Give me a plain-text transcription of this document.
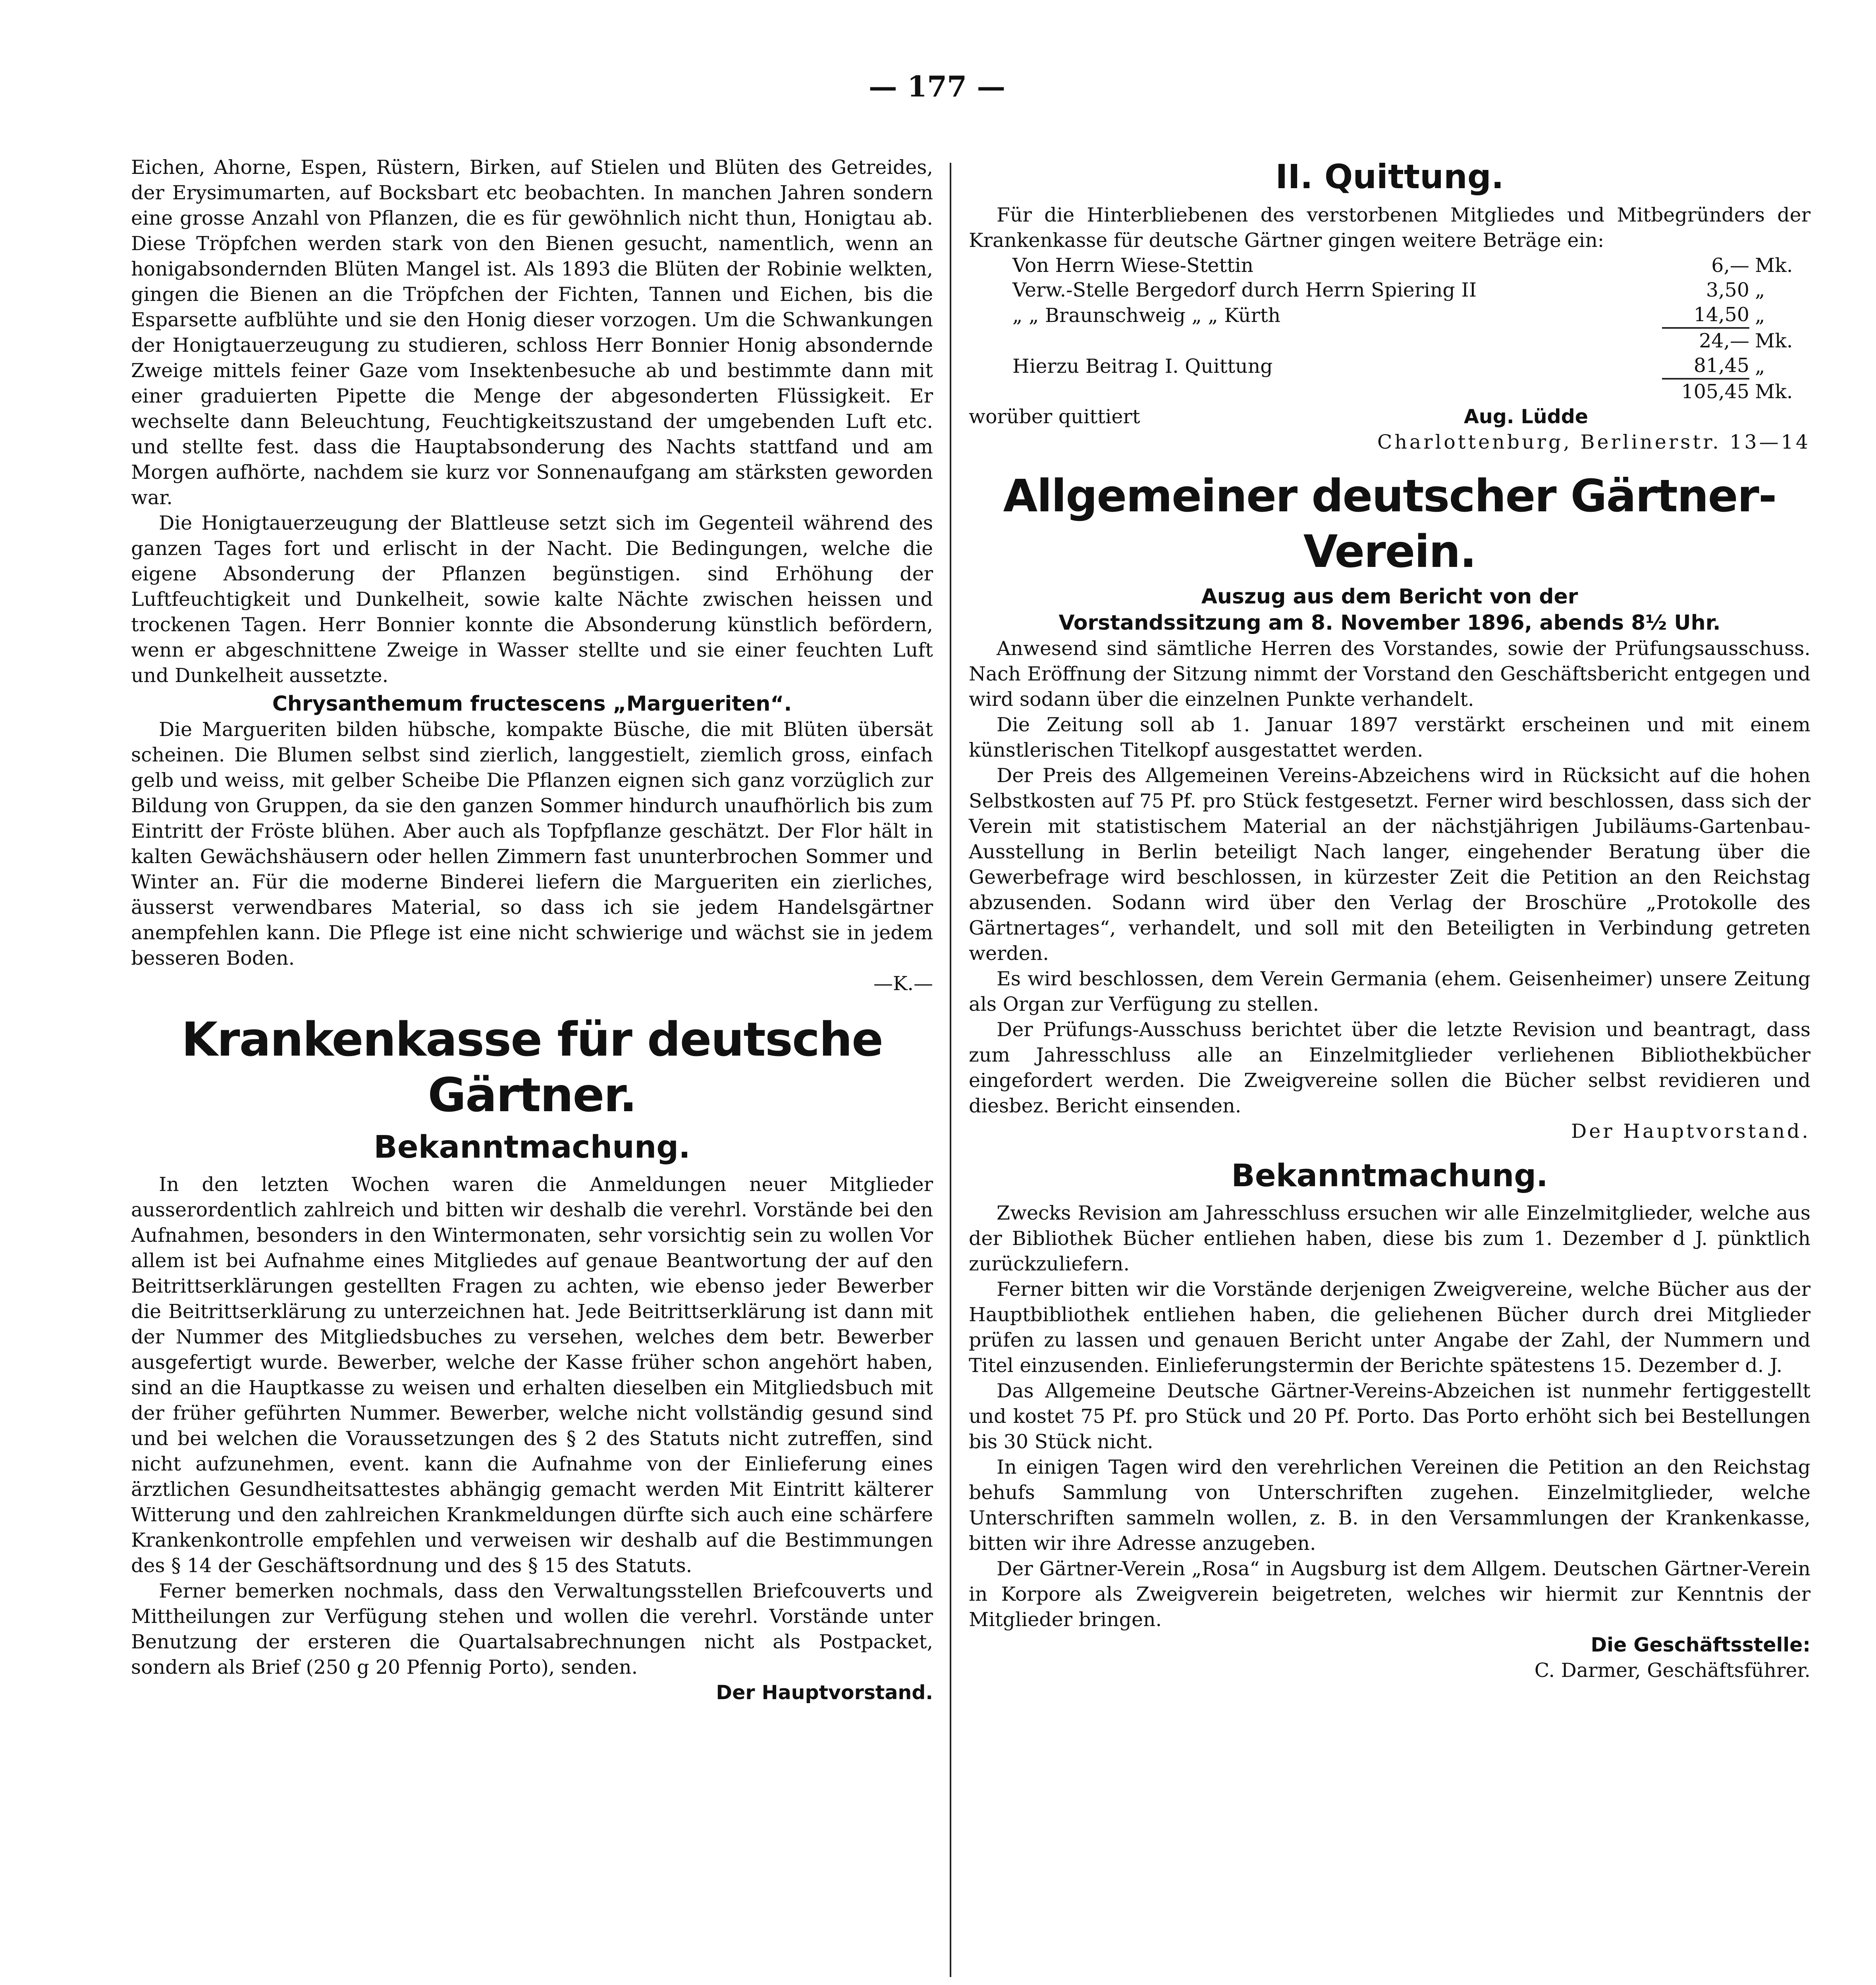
— 177 —

Eichen, Ahorne, Espen, Rüstern, Birken, auf Stielen und Blüten des Getreides, der Erysimumarten, auf Bocksbart etc beobachten. In manchen Jahren sondern eine grosse Anzahl von Pflanzen, die es für gewöhnlich nicht thun, Honigtau ab. Diese Tröpfchen werden stark von den Bienen gesucht, namentlich, wenn an honigabsondernden Blüten Mangel ist. Als 1893 die Blüten der Robinie welkten, gingen die Bienen an die Tröpfchen der Fichten, Tannen und Eichen, bis die Esparsette aufblühte und sie den Honig dieser vorzogen. Um die Schwankungen der Honigtauerzeugung zu studieren, schloss Herr Bonnier Honig absondernde Zweige mittels feiner Gaze vom Insektenbesuche ab und bestimmte dann mit einer graduierten Pipette die Menge der abgesonderten Flüssigkeit. Er wechselte dann Beleuchtung, Feuchtigkeitszustand der umgebenden Luft etc. und stellte fest. dass die Hauptabsonderung des Nachts stattfand und am Morgen aufhörte, nachdem sie kurz vor Sonnenaufgang am stärksten geworden war.

Die Honigtauerzeugung der Blattleuse setzt sich im Gegenteil während des ganzen Tages fort und erlischt in der Nacht. Die Bedingungen, welche die eigene Absonderung der Pflanzen begünstigen. sind Erhöhung der Luftfeuchtigkeit und Dunkelheit, sowie kalte Nächte zwischen heissen und trockenen Tagen. Herr Bonnier konnte die Absonderung künstlich befördern, wenn er abgeschnittene Zweige in Wasser stellte und sie einer feuchten Luft und Dunkelheit aussetzte.

Chrysanthemum fructescens „Margueriten“.

Die Margueriten bilden hübsche, kompakte Büsche, die mit Blüten übersät scheinen. Die Blumen selbst sind zierlich, langgestielt, ziemlich gross, einfach gelb und weiss, mit gelber Scheibe Die Pflanzen eignen sich ganz vorzüglich zur Bildung von Gruppen, da sie den ganzen Sommer hindurch unaufhörlich bis zum Eintritt der Fröste blühen. Aber auch als Topfpflanze geschätzt. Der Flor hält in kalten Gewächshäusern oder hellen Zimmern fast ununterbrochen Sommer und Winter an. Für die moderne Binderei liefern die Margueriten ein zierliches, äusserst verwendbares Material, so dass ich sie jedem Handelsgärtner anempfehlen kann. Die Pflege ist eine nicht schwierige und wächst sie in jedem besseren Boden.

—K.—
Krankenkasse für deutsche Gärtner.
Bekanntmachung.

In den letzten Wochen waren die Anmeldungen neuer Mitglieder ausserordentlich zahlreich und bitten wir deshalb die verehrl. Vorstände bei den Aufnahmen, besonders in den Wintermonaten, sehr vorsichtig sein zu wollen Vor allem ist bei Aufnahme eines Mitgliedes auf genaue Beantwortung der auf den Beitrittserklärungen gestellten Fragen zu achten, wie ebenso jeder Bewerber die Beitrittserklärung zu unterzeichnen hat. Jede Beitrittserklärung ist dann mit der Nummer des Mitgliedsbuches zu versehen, welches dem betr. Bewerber ausgefertigt wurde. Bewerber, welche der Kasse früher schon angehört haben, sind an die Hauptkasse zu weisen und erhalten dieselben ein Mitgliedsbuch mit der früher geführten Nummer. Bewerber, welche nicht vollständig gesund sind und bei welchen die Voraussetzungen des § 2 des Statuts nicht zutreffen, sind nicht aufzunehmen, event. kann die Aufnahme von der Einlieferung eines ärztlichen Gesundheitsattestes abhängig gemacht werden Mit Eintritt kälterer Witterung und den zahlreichen Krankmeldungen dürfte sich auch eine schärfere Krankenkontrolle empfehlen und verweisen wir deshalb auf die Bestimmungen des § 14 der Geschäftsordnung und des § 15 des Statuts.

Ferner bemerken nochmals, dass den Verwaltungsstellen Briefcouverts und Mittheilungen zur Verfügung stehen und wollen die verehrl. Vorstände unter Benutzung der ersteren die Quartalsabrechnungen nicht als Postpacket, sondern als Brief (250 g 20 Pfennig Porto), senden.

Der Hauptvorstand.
II. Quittung.

Für die Hinterbliebenen des verstorbenen Mitgliedes und Mitbegründers der Krankenkasse für deutsche Gärtner gingen weitere Beträge ein:

Von Herrn Wiese-Stettin	6,—	Mk.
Verw.-Stelle Bergedorf durch Herrn Spiering II	3,50	„
„ „ Braunschweig „ „ Kürth	14,50	„
	24,—	Mk.
Hierzu Beitrag I. Quittung	81,45	„
	105,45	Mk.
worüber quittiert	Aug. Lüdde
Charlottenburg, Berlinerstr. 13—14
Allgemeiner deutscher Gärtner-Verein.
Auszug aus dem Bericht von der
Vorstandssitzung am 8. November 1896, abends 8½ Uhr.

Anwesend sind sämtliche Herren des Vorstandes, sowie der Prüfungsausschuss. Nach Eröffnung der Sitzung nimmt der Vorstand den Geschäftsbericht entgegen und wird sodann über die einzelnen Punkte verhandelt.

Die Zeitung soll ab 1. Januar 1897 verstärkt erscheinen und mit einem künstlerischen Titelkopf ausgestattet werden.

Der Preis des Allgemeinen Vereins-Abzeichens wird in Rücksicht auf die hohen Selbstkosten auf 75 Pf. pro Stück festgesetzt. Ferner wird beschlossen, dass sich der Verein mit statistischem Material an der nächstjährigen Jubiläums-Gartenbau-Ausstellung in Berlin beteiligt Nach langer, eingehender Beratung über die Gewerbefrage wird beschlossen, in kürzester Zeit die Petition an den Reichstag abzusenden. Sodann wird über den Verlag der Broschüre „Protokolle des Gärtnertages“, verhandelt, und soll mit den Beteiligten in Verbindung getreten werden.

Es wird beschlossen, dem Verein Germania (ehem. Geisenheimer) unsere Zeitung als Organ zur Verfügung zu stellen.

Der Prüfungs-Ausschuss berichtet über die letzte Revision und beantragt, dass zum Jahresschluss alle an Einzelmitglieder verliehenen Bibliothekbücher eingefordert werden. Die Zweigvereine sollen die Bücher selbst revidieren und diesbez. Bericht einsenden.

Der Hauptvorstand.
Bekanntmachung.

Zwecks Revision am Jahresschluss ersuchen wir alle Einzelmitglieder, welche aus der Bibliothek Bücher entliehen haben, diese bis zum 1. Dezember d J. pünktlich zurückzuliefern.

Ferner bitten wir die Vorstände derjenigen Zweigvereine, welche Bücher aus der Hauptbibliothek entliehen haben, die geliehenen Bücher durch drei Mitglieder prüfen zu lassen und genauen Bericht unter Angabe der Zahl, der Nummern und Titel einzusenden. Einlieferungstermin der Berichte spätestens 15. Dezember d. J.

Das Allgemeine Deutsche Gärtner-Vereins-Abzeichen ist nunmehr fertiggestellt und kostet 75 Pf. pro Stück und 20 Pf. Porto. Das Porto erhöht sich bei Bestellungen bis 30 Stück nicht.

In einigen Tagen wird den verehrlichen Vereinen die Petition an den Reichstag behufs Sammlung von Unterschriften zugehen. Einzelmitglieder, welche Unterschriften sammeln wollen, z. B. in den Versammlungen der Krankenkasse, bitten wir ihre Adresse anzugeben.

Der Gärtner-Verein „Rosa“ in Augsburg ist dem Allgem. Deutschen Gärtner-Verein in Korpore als Zweigverein beigetreten, welches wir hiermit zur Kenntnis der Mitglieder bringen.

Die Geschäftsstelle:
C. Darmer, Geschäftsführer.
